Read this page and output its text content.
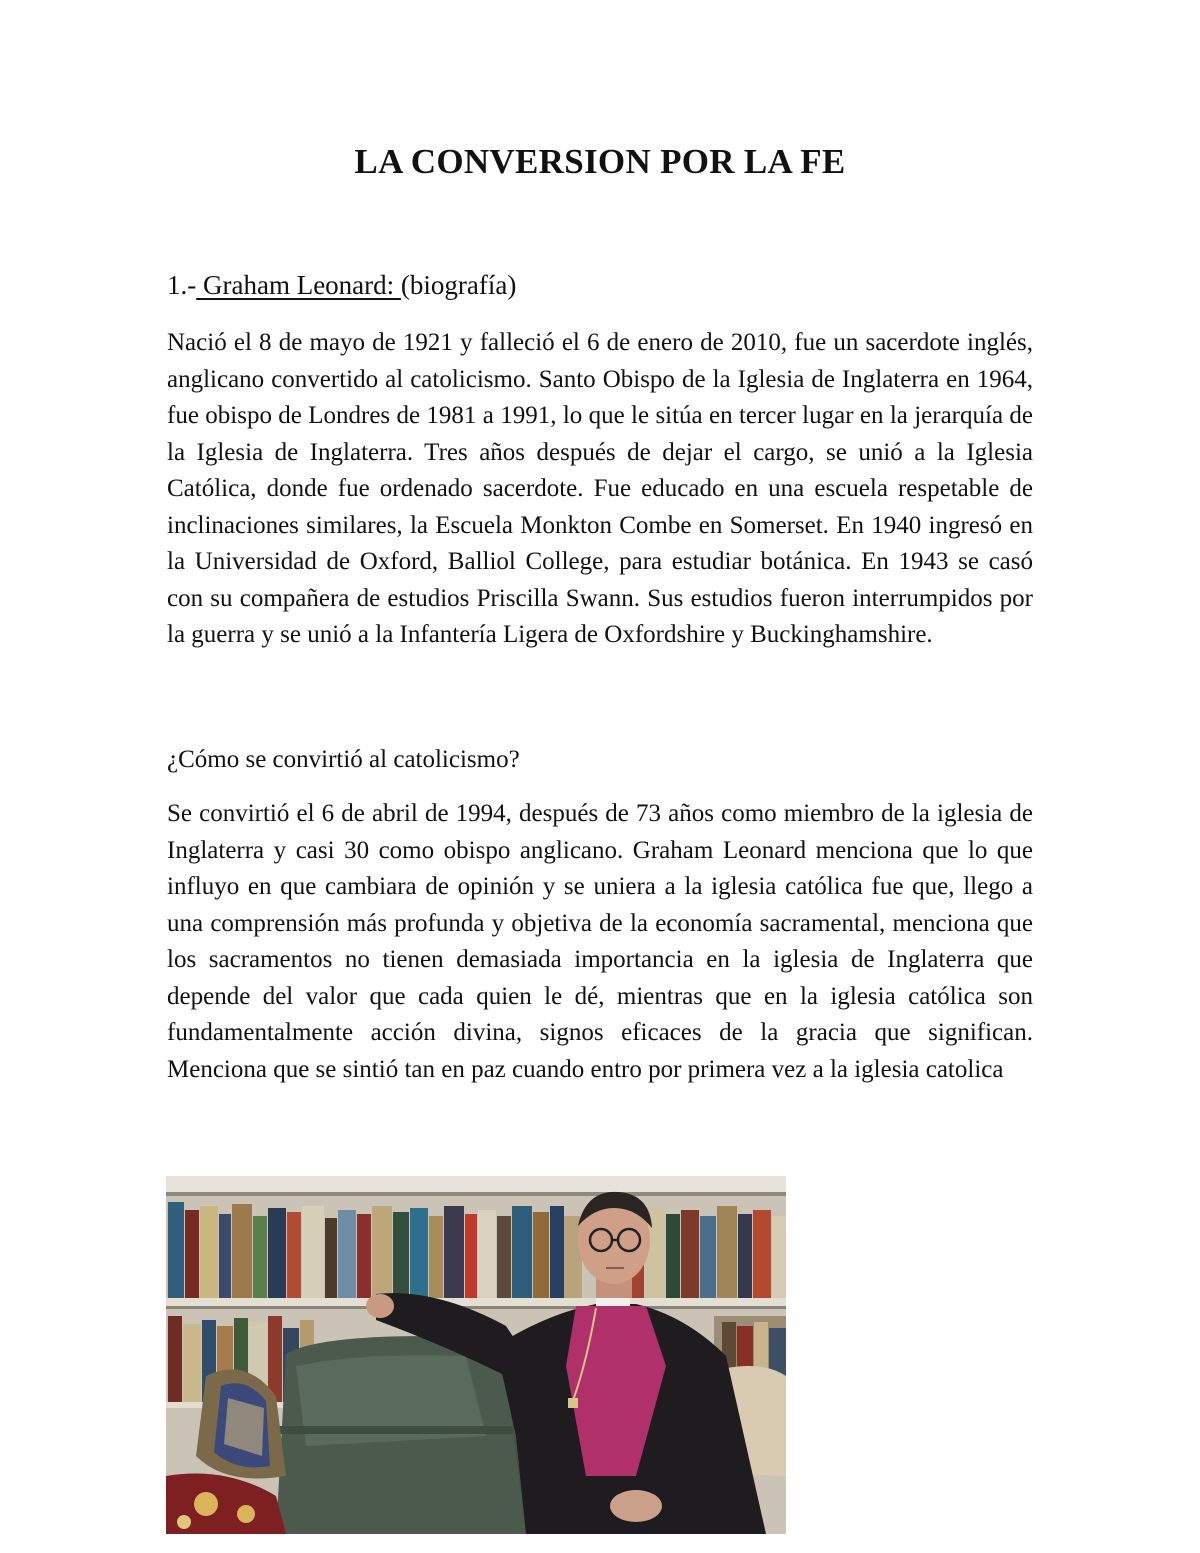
LA CONVERSION POR LA FE
1.- Graham Leonard: (biografía)

Nació el 8 de mayo de 1921 y falleció el 6 de enero de 2010, fue un sacerdote inglés, anglicano convertido al catolicismo. Santo Obispo de la Iglesia de Inglaterra en 1964, fue obispo de Londres de 1981 a 1991, lo que le sitúa en tercer lugar en la jerarquía de la Iglesia de Inglaterra. Tres años después de dejar el cargo, se unió a la Iglesia Católica, donde fue ordenado sacerdote. Fue educado en una escuela respetable de inclinaciones similares, la Escuela Monkton Combe en Somerset. En 1940 ingresó en la Universidad de Oxford, Balliol College, para estudiar botánica. En 1943 se casó con su compañera de estudios Priscilla Swann. Sus estudios fueron interrumpidos por la guerra y se unió a la Infantería Ligera de Oxfordshire y Buckinghamshire.

¿Cómo se convirtió al catolicismo?

Se convirtió el 6 de abril de 1994, después de 73 años como miembro de la iglesia de Inglaterra y casi 30 como obispo anglicano. Graham Leonard menciona que lo que influyo en que cambiara de opinión y se uniera a la iglesia católica fue que, llego a una comprensión más profunda y objetiva de la economía sacramental, menciona que los sacramentos no tienen demasiada importancia en la iglesia de Inglaterra que depende del valor que cada quien le dé, mientras que en la iglesia católica son fundamentalmente acción divina, signos eficaces de la gracia que significan. Menciona que se sintió tan en paz cuando entro por primera vez a la iglesia catolica
